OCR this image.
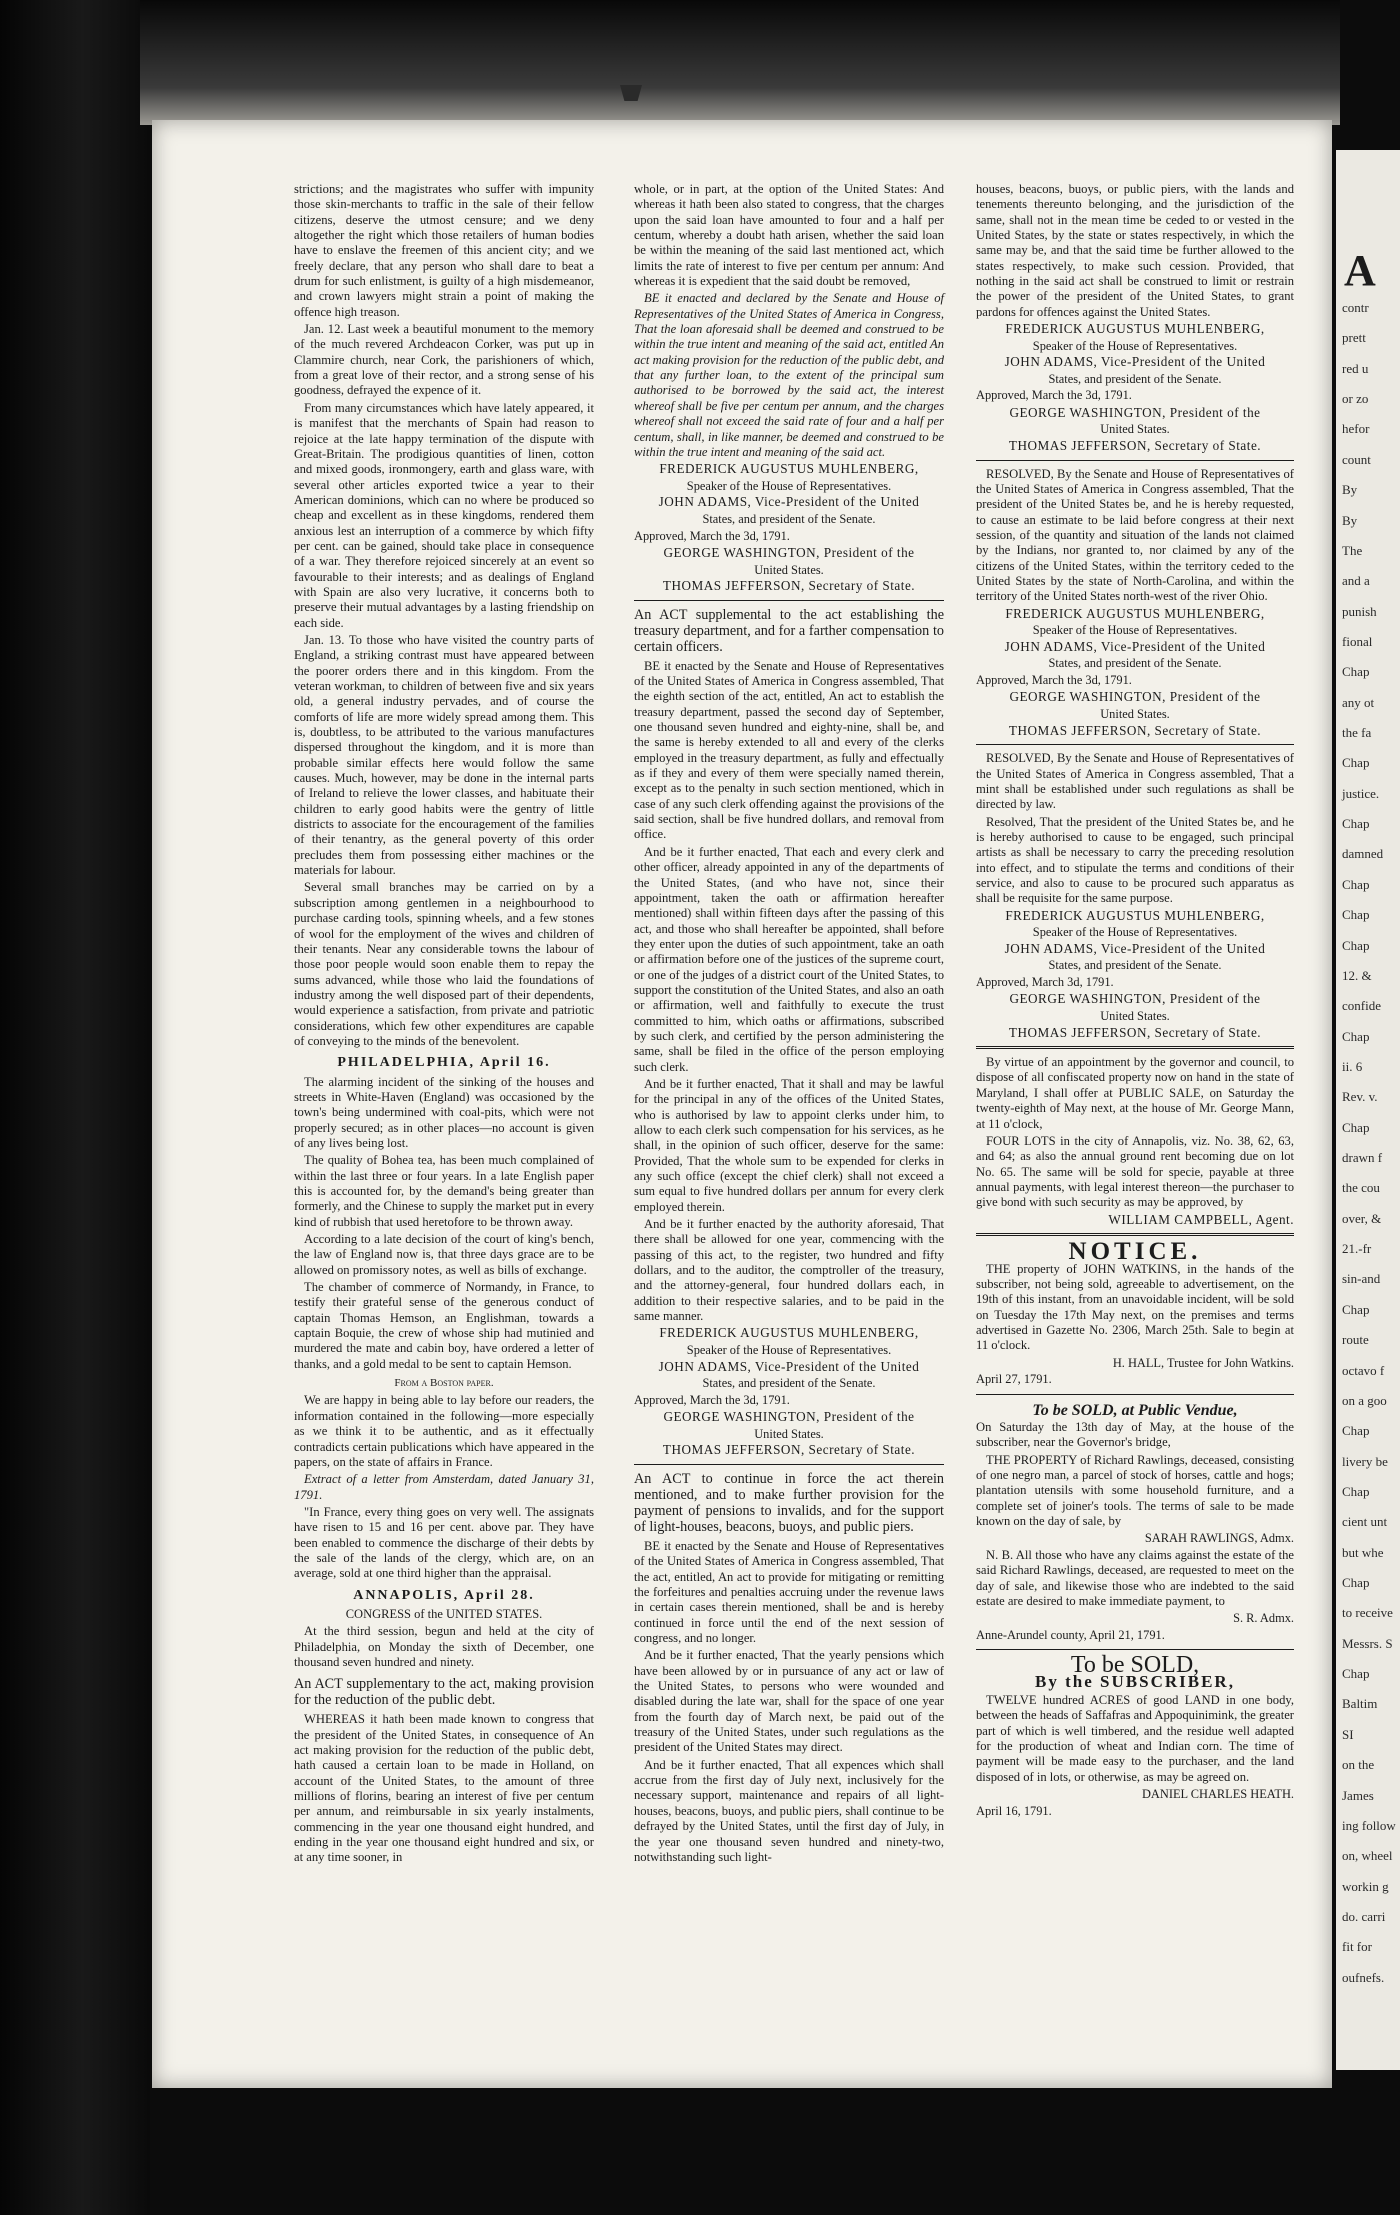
strictions; and the magistrates who suffer with impunity those skin-merchants to traffic in the sale of their fellow citizens, deserve the utmost censure; and we deny altogether the right which those retailers of human bodies have to enslave the freemen of this ancient city; and we freely declare, that any person who shall dare to beat a drum for such enlistment, is guilty of a high misdemeanor, and crown lawyers might strain a point of making the offence high treason.

Jan. 12. Last week a beautiful monument to the memory of the much revered Archdeacon Corker, was put up in Clammire church, near Cork, the parishioners of which, from a great love of their rector, and a strong sense of his goodness, defrayed the expence of it.

From many circumstances which have lately appeared, it is manifest that the merchants of Spain had reason to rejoice at the late happy termination of the dispute with Great-Britain. The prodigious quantities of linen, cotton and mixed goods, ironmongery, earth and glass ware, with several other articles exported twice a year to their American dominions, which can no where be produced so cheap and excellent as in these kingdoms, rendered them anxious lest an interruption of a commerce by which fifty per cent. can be gained, should take place in consequence of a war. They therefore rejoiced sincerely at an event so favourable to their interests; and as dealings of England with Spain are also very lucrative, it concerns both to preserve their mutual advantages by a lasting friendship on each side.

Jan. 13. To those who have visited the country parts of England, a striking contrast must have appeared between the poorer orders there and in this kingdom. From the veteran workman, to children of between five and six years old, a general industry pervades, and of course the comforts of life are more widely spread among them. This is, doubtless, to be attributed to the various manufactures dispersed throughout the kingdom, and it is more than probable similar effects here would follow the same causes. Much, however, may be done in the internal parts of Ireland to relieve the lower classes, and habituate their children to early good habits were the gentry of little districts to associate for the encouragement of the families of their tenantry, as the general poverty of this order precludes them from possessing either machines or the materials for labour.

Several small branches may be carried on by a subscription among gentlemen in a neighbourhood to purchase carding tools, spinning wheels, and a few stones of wool for the employment of the wives and children of their tenants. Near any considerable towns the labour of those poor people would soon enable them to repay the sums advanced, while those who laid the foundations of industry among the well disposed part of their dependents, would experience a satisfaction, from private and patriotic considerations, which few other expenditures are capable of conveying to the minds of the benevolent.

PHILADELPHIA, April 16.

The alarming incident of the sinking of the houses and streets in White-Haven (England) was occasioned by the town's being undermined with coal-pits, which were not properly secured; as in other places—no account is given of any lives being lost.

The quality of Bohea tea, has been much complained of within the last three or four years. In a late English paper this is accounted for, by the demand's being greater than formerly, and the Chinese to supply the market put in every kind of rubbish that used heretofore to be thrown away.

According to a late decision of the court of king's bench, the law of England now is, that three days grace are to be allowed on promissory notes, as well as bills of exchange.

The chamber of commerce of Normandy, in France, to testify their grateful sense of the generous conduct of captain Thomas Hemson, an Englishman, towards a captain Boquie, the crew of whose ship had mutinied and murdered the mate and cabin boy, have ordered a letter of thanks, and a gold medal to be sent to captain Hemson.

From a Boston paper.

We are happy in being able to lay before our readers, the information contained in the following—more especially as we think it to be authentic, and as it effectually contradicts certain publications which have appeared in the papers, on the state of affairs in France.

Extract of a letter from Amsterdam, dated January 31, 1791.

"In France, every thing goes on very well. The assignats have risen to 15 and 16 per cent. above par. They have been enabled to commence the discharge of their debts by the sale of the lands of the clergy, which are, on an average, sold at one third higher than the appraisal.

ANNAPOLIS, April 28.
CONGRESS of the UNITED STATES.

At the third session, begun and held at the city of Philadelphia, on Monday the sixth of December, one thousand seven hundred and ninety.

An ACT supplementary to the act, making provision for the reduction of the public debt.

WHEREAS it hath been made known to congress that the president of the United States, in consequence of An act making provision for the reduction of the public debt, hath caused a certain loan to be made in Holland, on account of the United States, to the amount of three millions of florins, bearing an interest of five per centum per annum, and reimbursable in six yearly instalments, commencing in the year one thousand eight hundred, and ending in the year one thousand eight hundred and six, or at any time sooner, in

whole, or in part, at the option of the United States: And whereas it hath been also stated to congress, that the charges upon the said loan have amounted to four and a half per centum, whereby a doubt hath arisen, whether the said loan be within the meaning of the said last mentioned act, which limits the rate of interest to five per centum per annum: And whereas it is expedient that the said doubt be removed,

BE it enacted and declared by the Senate and House of Representatives of the United States of America in Congress, That the loan aforesaid shall be deemed and construed to be within the true intent and meaning of the said act, entitled An act making provision for the reduction of the public debt, and that any further loan, to the extent of the principal sum authorised to be borrowed by the said act, the interest whereof shall be five per centum per annum, and the charges whereof shall not exceed the said rate of four and a half per centum, shall, in like manner, be deemed and construed to be within the true intent and meaning of the said act.

FREDERICK AUGUSTUS MUHLENBERG,

Speaker of the House of Representatives.

JOHN ADAMS, Vice-President of the United

States, and president of the Senate.

Approved, March the 3d, 1791.

GEORGE WASHINGTON, President of the

United States.

THOMAS JEFFERSON, Secretary of State.

An ACT supplemental to the act establishing the treasury department, and for a farther compensation to certain officers.

BE it enacted by the Senate and House of Representatives of the United States of America in Congress assembled, That the eighth section of the act, entitled, An act to establish the treasury department, passed the second day of September, one thousand seven hundred and eighty-nine, shall be, and the same is hereby extended to all and every of the clerks employed in the treasury department, as fully and effectually as if they and every of them were specially named therein, except as to the penalty in such section mentioned, which in case of any such clerk offending against the provisions of the said section, shall be five hundred dollars, and removal from office.

And be it further enacted, That each and every clerk and other officer, already appointed in any of the departments of the United States, (and who have not, since their appointment, taken the oath or affirmation hereafter mentioned) shall within fifteen days after the passing of this act, and those who shall hereafter be appointed, shall before they enter upon the duties of such appointment, take an oath or affirmation before one of the justices of the supreme court, or one of the judges of a district court of the United States, to support the constitution of the United States, and also an oath or affirmation, well and faithfully to execute the trust committed to him, which oaths or affirmations, subscribed by such clerk, and certified by the person administering the same, shall be filed in the office of the person employing such clerk.

And be it further enacted, That it shall and may be lawful for the principal in any of the offices of the United States, who is authorised by law to appoint clerks under him, to allow to each clerk such compensation for his services, as he shall, in the opinion of such officer, deserve for the same: Provided, That the whole sum to be expended for clerks in any such office (except the chief clerk) shall not exceed a sum equal to five hundred dollars per annum for every clerk employed therein.

And be it further enacted by the authority aforesaid, That there shall be allowed for one year, commencing with the passing of this act, to the register, two hundred and fifty dollars, and to the auditor, the comptroller of the treasury, and the attorney-general, four hundred dollars each, in addition to their respective salaries, and to be paid in the same manner.

FREDERICK AUGUSTUS MUHLENBERG,

Speaker of the House of Representatives.

JOHN ADAMS, Vice-President of the United

States, and president of the Senate.

Approved, March the 3d, 1791.

GEORGE WASHINGTON, President of the

United States.

THOMAS JEFFERSON, Secretary of State.

An ACT to continue in force the act therein mentioned, and to make further provision for the payment of pensions to invalids, and for the support of light-houses, beacons, buoys, and public piers.

BE it enacted by the Senate and House of Representatives of the United States of America in Congress assembled, That the act, entitled, An act to provide for mitigating or remitting the forfeitures and penalties accruing under the revenue laws in certain cases therein mentioned, shall be and is hereby continued in force until the end of the next session of congress, and no longer.

And be it further enacted, That the yearly pensions which have been allowed by or in pursuance of any act or law of the United States, to persons who were wounded and disabled during the late war, shall for the space of one year from the fourth day of March next, be paid out of the treasury of the United States, under such regulations as the president of the United States may direct.

And be it further enacted, That all expences which shall accrue from the first day of July next, inclusively for the necessary support, maintenance and repairs of all light-houses, beacons, buoys, and public piers, shall continue to be defrayed by the United States, until the first day of July, in the year one thousand seven hundred and ninety-two, notwithstanding such light-

houses, beacons, buoys, or public piers, with the lands and tenements thereunto belonging, and the jurisdiction of the same, shall not in the mean time be ceded to or vested in the United States, by the state or states respectively, in which the same may be, and that the said time be further allowed to the states respectively, to make such cession. Provided, that nothing in the said act shall be construed to limit or restrain the power of the president of the United States, to grant pardons for offences against the United States.

FREDERICK AUGUSTUS MUHLENBERG,

Speaker of the House of Representatives.

JOHN ADAMS, Vice-President of the United

States, and president of the Senate.

Approved, March the 3d, 1791.

GEORGE WASHINGTON, President of the

United States.

THOMAS JEFFERSON, Secretary of State.

RESOLVED, By the Senate and House of Representatives of the United States of America in Congress assembled, That the president of the United States be, and he is hereby requested, to cause an estimate to be laid before congress at their next session, of the quantity and situation of the lands not claimed by the Indians, nor granted to, nor claimed by any of the citizens of the United States, within the territory ceded to the United States by the state of North-Carolina, and within the territory of the United States north-west of the river Ohio.

FREDERICK AUGUSTUS MUHLENBERG,

Speaker of the House of Representatives.

JOHN ADAMS, Vice-President of the United

States, and president of the Senate.

Approved, March the 3d, 1791.

GEORGE WASHINGTON, President of the

United States.

THOMAS JEFFERSON, Secretary of State.

RESOLVED, By the Senate and House of Representatives of the United States of America in Congress assembled, That a mint shall be established under such regulations as shall be directed by law.

Resolved, That the president of the United States be, and he is hereby authorised to cause to be engaged, such principal artists as shall be necessary to carry the preceding resolution into effect, and to stipulate the terms and conditions of their service, and also to cause to be procured such apparatus as shall be requisite for the same purpose.

FREDERICK AUGUSTUS MUHLENBERG,

Speaker of the House of Representatives.

JOHN ADAMS, Vice-President of the United

States, and president of the Senate.

Approved, March 3d, 1791.

GEORGE WASHINGTON, President of the

United States.

THOMAS JEFFERSON, Secretary of State.

By virtue of an appointment by the governor and council, to dispose of all confiscated property now on hand in the state of Maryland, I shall offer at PUBLIC SALE, on Saturday the twenty-eighth of May next, at the house of Mr. George Mann, at 11 o'clock,

FOUR LOTS in the city of Annapolis, viz. No. 38, 62, 63, and 64; as also the annual ground rent becoming due on lot No. 65. The same will be sold for specie, payable at three annual payments, with legal interest thereon—the purchaser to give bond with such security as may be approved, by

WILLIAM CAMPBELL, Agent.

NOTICE.

THE property of JOHN WATKINS, in the hands of the subscriber, not being sold, agreeable to advertisement, on the 19th of this instant, from an unavoidable incident, will be sold on Tuesday the 17th May next, on the premises and terms advertised in Gazette No. 2306, March 25th. Sale to begin at 11 o'clock.

H. HALL, Trustee for John Watkins.

April 27, 1791.

To be SOLD, at Public Vendue,

On Saturday the 13th day of May, at the house of the subscriber, near the Governor's bridge,

THE PROPERTY of Richard Rawlings, deceased, consisting of one negro man, a parcel of stock of horses, cattle and hogs; plantation utensils with some household furniture, and a complete set of joiner's tools. The terms of sale to be made known on the day of sale, by

SARAH RAWLINGS, Admx.

N. B. All those who have any claims against the estate of the said Richard Rawlings, deceased, are requested to meet on the day of sale, and likewise those who are indebted to the said estate are desired to make immediate payment, to

S. R. Admx.

Anne-Arundel county, April 21, 1791.

To be SOLD,
By the SUBSCRIBER,

TWELVE hundred ACRES of good LAND in one body, between the heads of Saffafras and Appoquinimink, the greater part of which is well timbered, and the residue well adapted for the production of wheat and Indian corn. The time of payment will be made easy to the purchaser, and the land disposed of in lots, or otherwise, as may be agreed on.

DANIEL CHARLES HEATH.

April 16, 1791.

A
contr
prett
red u
or zo
hefor
count
By
By
The
and a
punish
fional
Chap
any ot
the fa
Chap
justice.
Chap
damned
Chap
Chap
Chap
12. &
confide
Chap
ii. 6
Rev. v.
Chap
drawn f
the cou
over, &
21.-fr
sin-and
Chap
route
octavo f
on a goo
Chap
livery be
Chap
cient unt
but whe
Chap
to receive
Messrs. S
Chap
Baltim
SI
on the
James
ing follow
on, wheel
workin g
do. carri
fit for
oufnefs.
